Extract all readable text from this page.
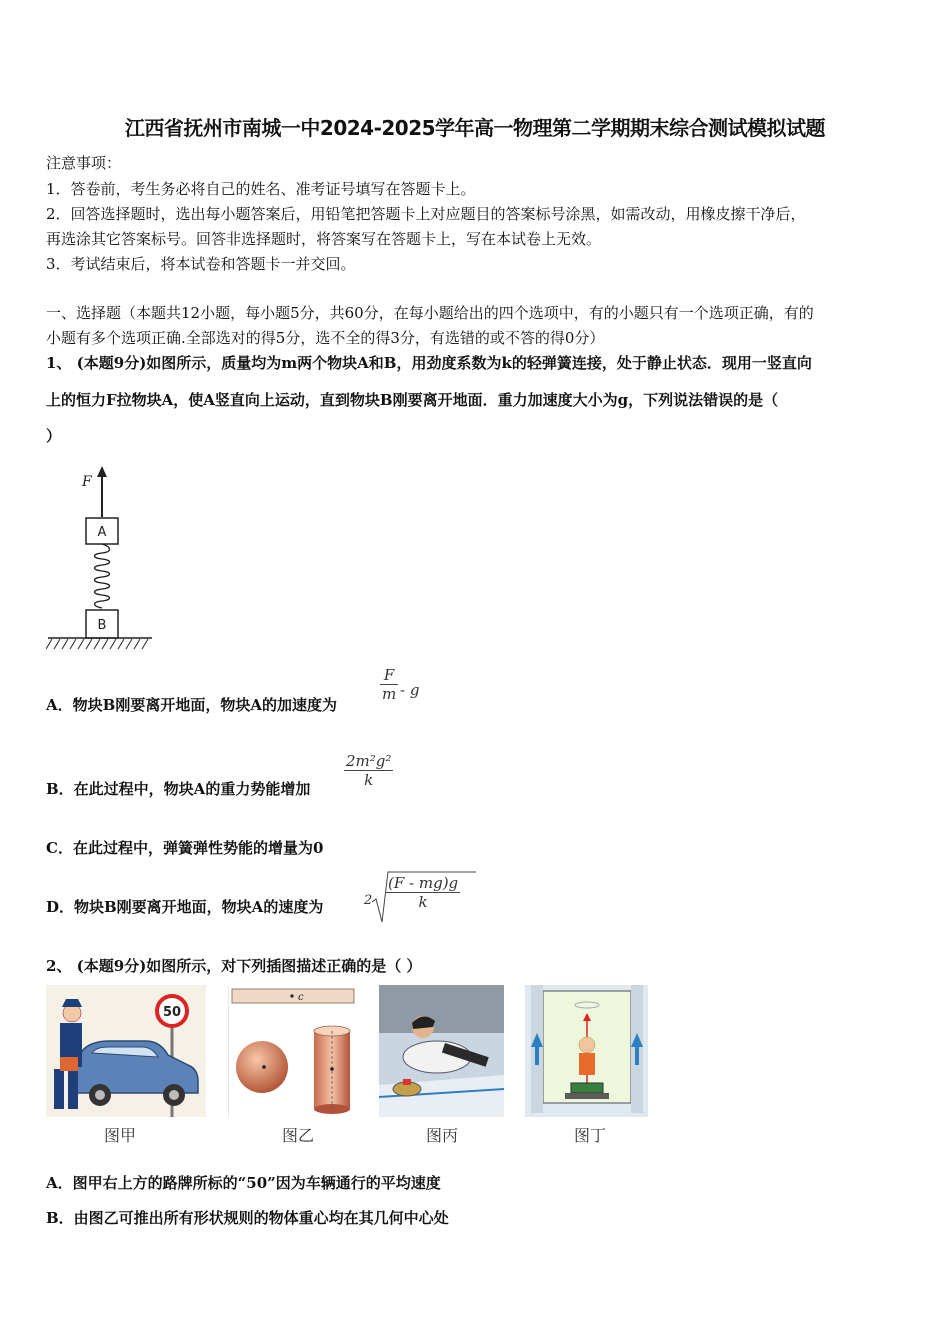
江西省抚州市南城一中2024-2025学年高一物理第二学期期末综合测试模拟试题
注意事项：
1．答卷前，考生务必将自己的姓名、准考证号填写在答题卡上。
2．回答选择题时，选出每小题答案后，用铅笔把答题卡上对应题目的答案标号涂黑，如需改动，用橡皮擦干净后，
再选涂其它答案标号。回答非选择题时，将答案写在答题卡上，写在本试卷上无效。
3．考试结束后，将本试卷和答题卡一并交回。
一、选择题（本题共12小题，每小题5分，共60分，在每小题给出的四个选项中，有的小题只有一个选项正确，有的
小题有多个选项正确.全部选对的得5分，选不全的得3分，有选错的或不答的得0分）
1、 (本题9分)如图所示，质量均为m两个物块A和B，用劲度系数为k的轻弹簧连接，处于静止状态．现用一竖直向
上的恒力F拉物块A，使A竖直向上运动，直到物块B刚要离开地面．重力加速度大小为g，下列说法错误的是（
）
F
A
B
A．物块B刚要离开地面，物块A的加速度为
$\frac{F}{m}$ - g
B．在此过程中，物块A的重力势能增加 $\frac{\text{2m²g²}}{k}$
C．在此过程中，弹簧弹性势能的增量为0
D．物块B刚要离开地面，物块A的速度为	$2 \frac{(F - mg)g}{k}$
2、 (本题9分)如图所示，对下列插图描述正确的是（ ）
50
图甲
c
图乙	图丙	图丁
A．图甲右上方的路牌所标的“50”因为车辆通行的平均速度
B．由图乙可推出所有形状规则的物体重心均在其几何中心处
